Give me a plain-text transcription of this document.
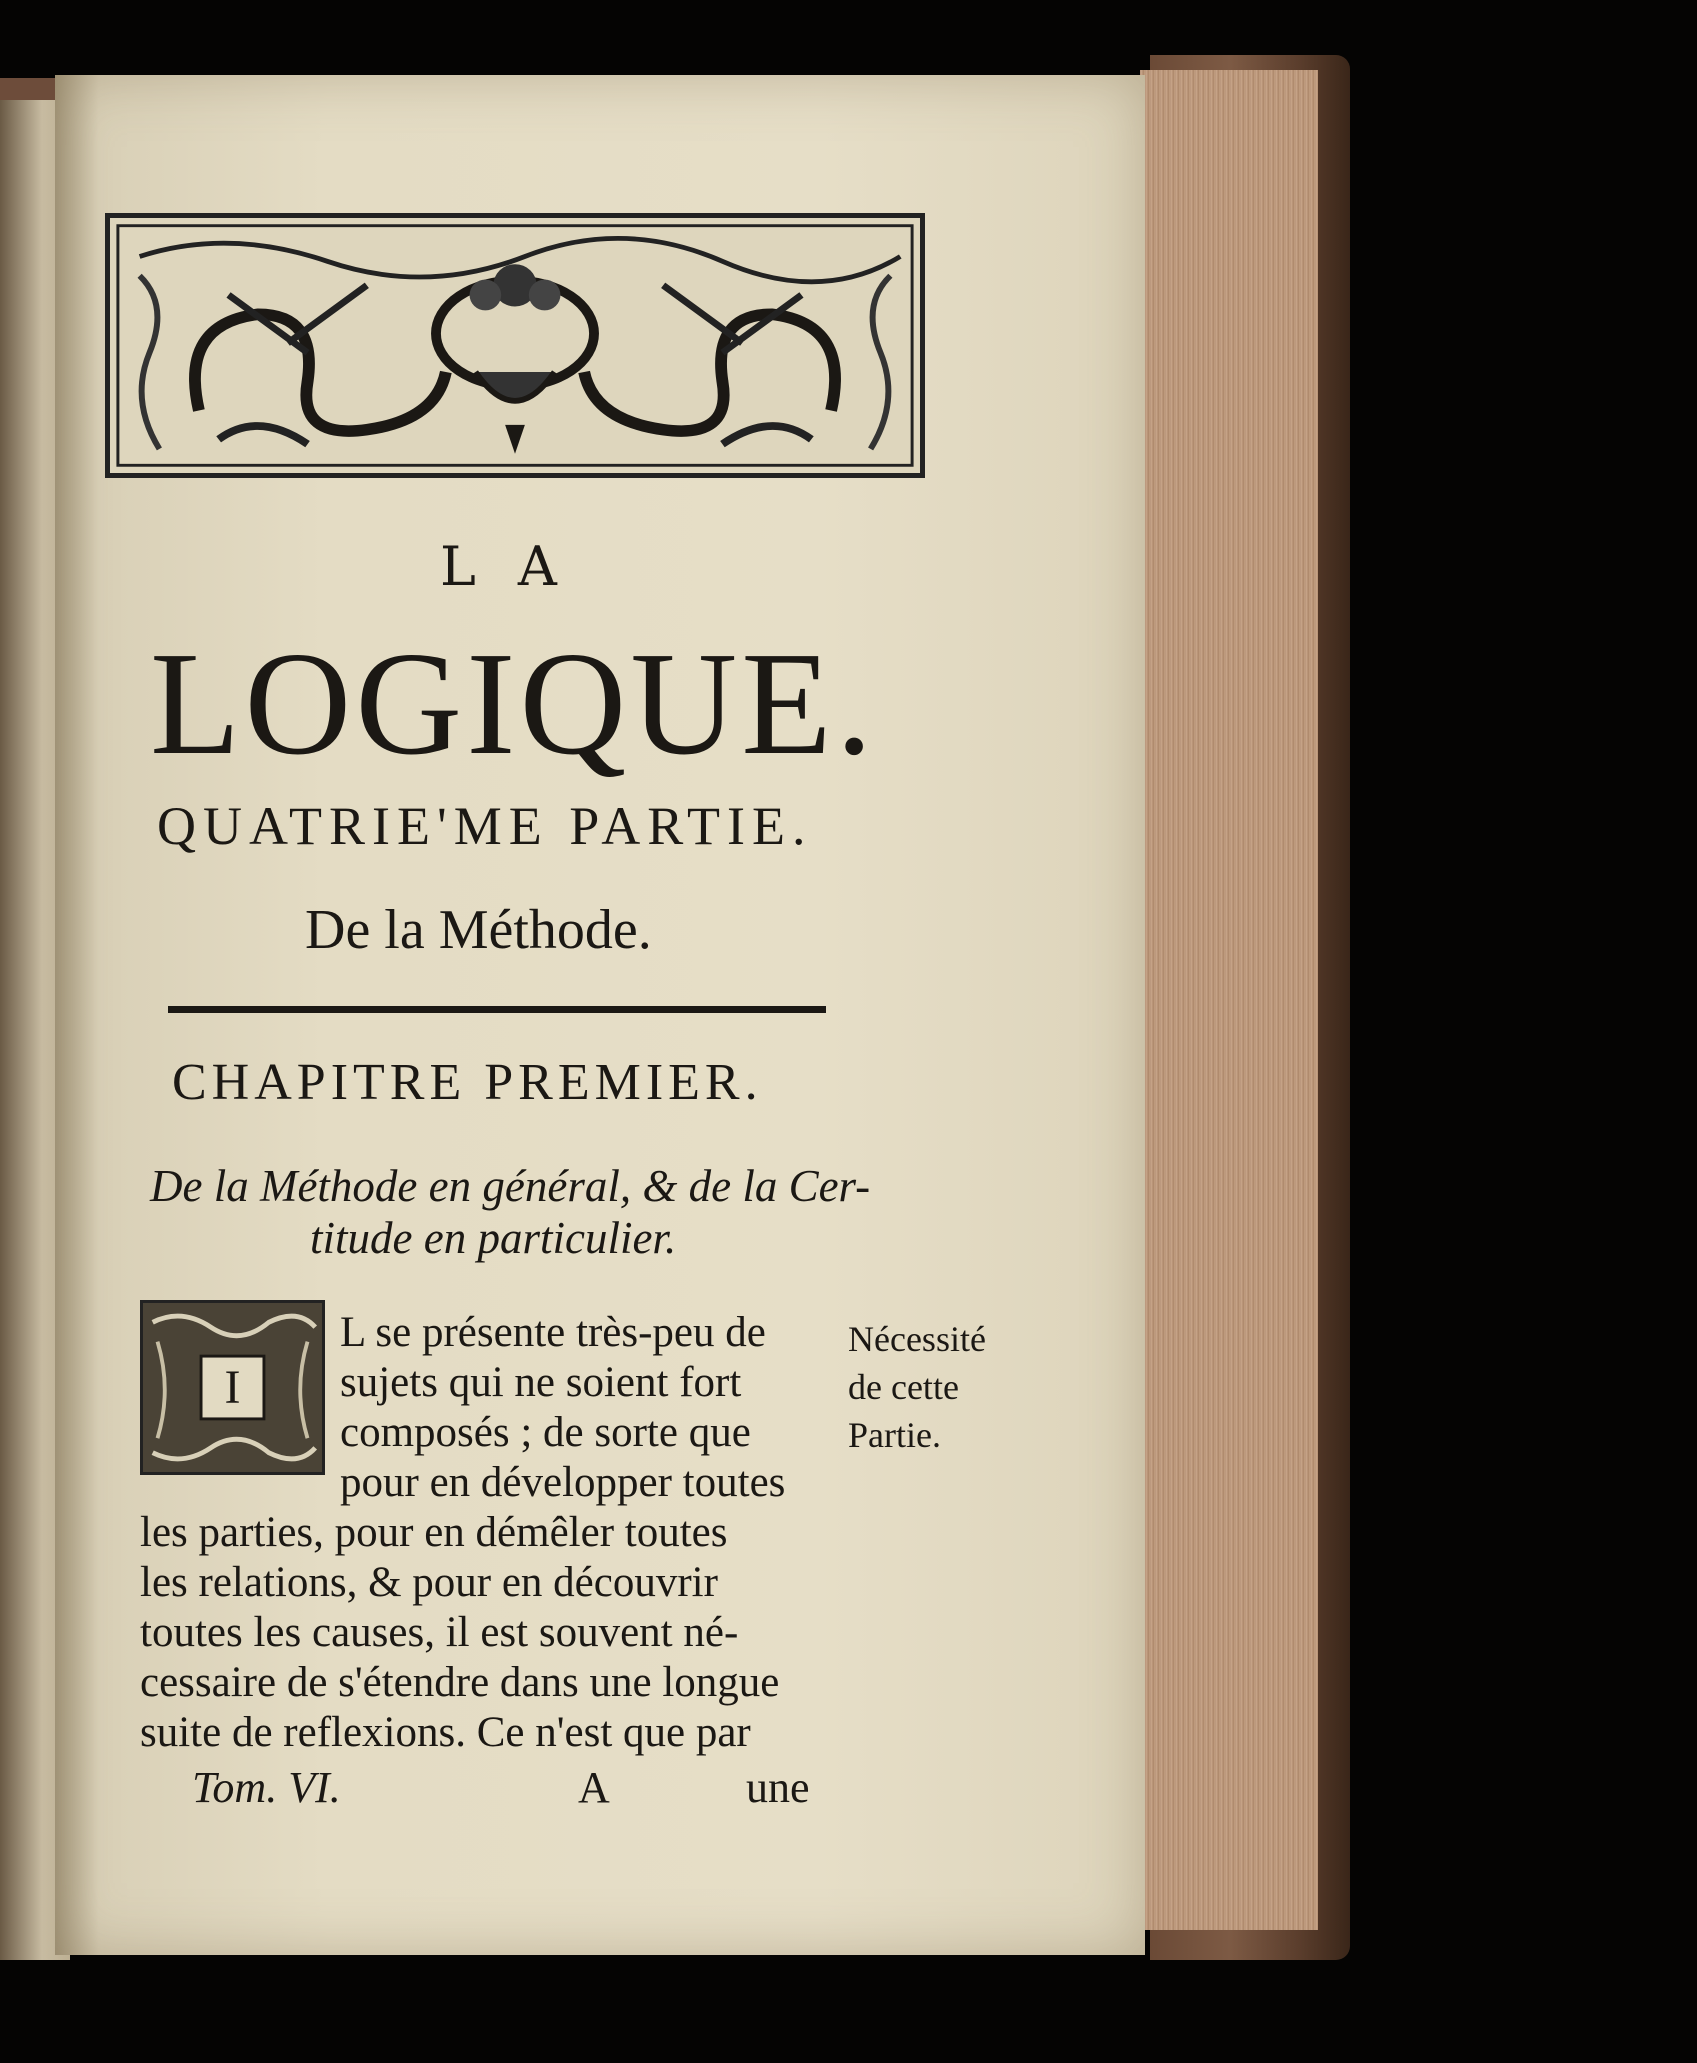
LA
LOGIQUE.
QUATRIE'ME PARTIE.
De la Méthode.
CHAPITRE PREMIER.
De la Méthode en général, & de la Cer-
titude en particulier.
I
L se présente très-peu de
sujets qui ne soient fort
composés ; de sorte que
pour en développer toutes
les parties, pour en démêler toutes
les relations, & pour en découvrir
toutes les causes, il est souvent né-
cessaire de s'étendre dans une longue
suite de reflexions. Ce n'est que par
Nécessité
de cette
Partie.
Tom. VI.	A	une
